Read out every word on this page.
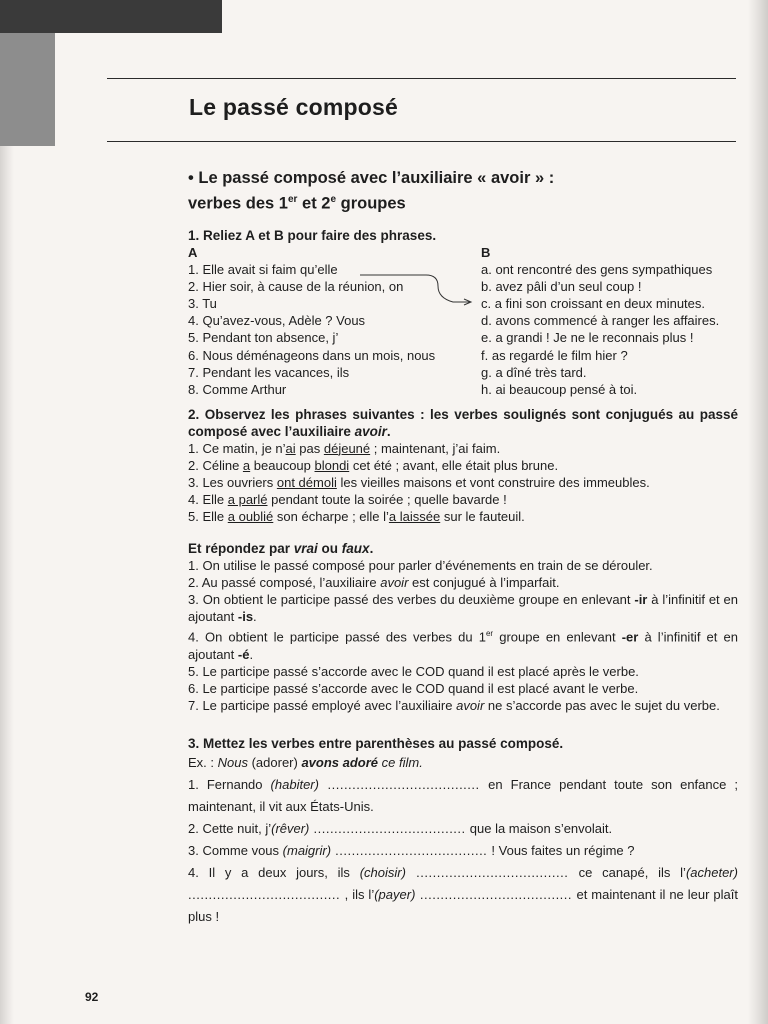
Le passé composé
• Le passé composé avec l’auxiliaire « avoir » :
verbes des 1er et 2e groupes
1. Reliez A et B pour faire des phrases.
A
1. Elle avait si faim qu’elle
2. Hier soir, à cause de la réunion, on
3. Tu
4. Qu’avez-vous, Adèle ? Vous
5. Pendant ton absence, j’
6. Nous déménageons dans un mois, nous
7. Pendant les vacances, ils
8. Comme Arthur
B
a. ont rencontré des gens sympathiques
b. avez pâli d’un seul coup !
c. a fini son croissant en deux minutes.
d. avons commencé à ranger les affaires.
e. a grandi ! Je ne le reconnais plus !
f. as regardé le film hier ?
g. a dîné très tard.
h. ai beaucoup pensé à toi.
2. Observez les phrases suivantes : les verbes soulignés sont conjugués au passé composé avec l’auxiliaire avoir.
1. Ce matin, je n’ai pas déjeuné ; maintenant, j’ai faim.
2. Céline a beaucoup blondi cet été ; avant, elle était plus brune.
3. Les ouvriers ont démoli les vieilles maisons et vont construire des immeubles.
4. Elle a parlé pendant toute la soirée ; quelle bavarde !
5. Elle a oublié son écharpe ; elle l’a laissée sur le fauteuil.
Et répondez par vrai ou faux.
1. On utilise le passé composé pour parler d’événements en train de se dérouler.
2. Au passé composé, l’auxiliaire avoir est conjugué à l’imparfait.
3. On obtient le participe passé des verbes du deuxième groupe en enlevant -ir à l’infinitif et en ajoutant -is.
4. On obtient le participe passé des verbes du 1er groupe en enlevant -er à l’infinitif et en ajoutant -é.
5. Le participe passé s’accorde avec le COD quand il est placé après le verbe.
6. Le participe passé s’accorde avec le COD quand il est placé avant le verbe.
7. Le participe passé employé avec l’auxiliaire avoir ne s’accorde pas avec le sujet du verbe.
3. Mettez les verbes entre parenthèses au passé composé.
Ex. : Nous (adorer) avons adoré ce film.
1. Fernando (habiter) ..................................... en France pendant toute son enfance ; maintenant, il vit aux États-Unis.
2. Cette nuit, j’(rêver) ..................................... que la maison s’envolait.
3. Comme vous (maigrir) ..................................... ! Vous faites un régime ?
4. Il y a deux jours, ils (choisir) ..................................... ce canapé, ils l’(acheter) ..................................... , ils l’(payer) ..................................... et maintenant il ne leur plaît plus !
92
